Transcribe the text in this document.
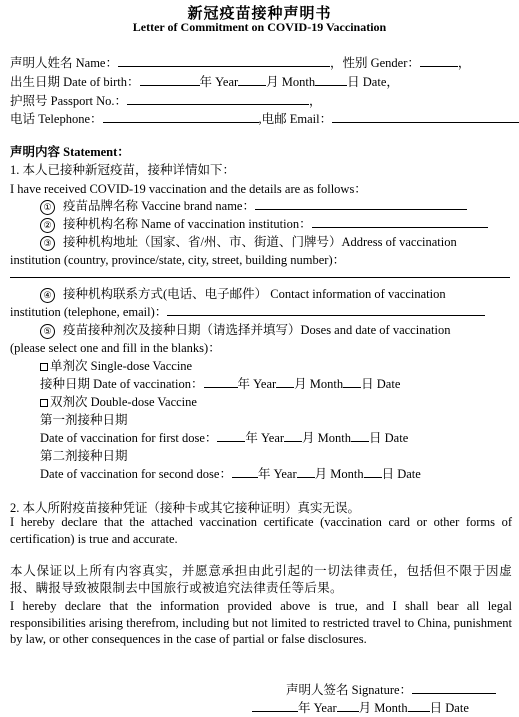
新冠疫苗接种声明书
Letter of Commitment on COVID-19 Vaccination
声明人姓名 Name：	，性别 Gender：	，
出生日期 Date of birth：	年 Year 月 Month	日 Date，
护照号 Passport No.：	，
电话 Telephone：	,电邮 Email：
声明内容 Statement：
1. 本人已接种新冠疫苗，接种详情如下：
I have received COVID-19 vaccination and the details are as follows：
① 疫苗品牌名称 Vaccine brand name：
② 接种机构名称 Name of vaccination institution：
③ 接种机构地址（国家、省/州、市、街道、门牌号）Address of vaccination
institution (country, province/state, city, street, building number)：
④ 接种机构联系方式(电话、电子邮件） Contact information of vaccination
institution (telephone, email)：
⑤ 疫苗接种剂次及接种日期（请选择并填写）Doses and date of vaccination
(please select one and fill in the blanks)：
单剂次 Single-dose Vaccine
接种日期 Date of vaccination：	年 Year 月 Month 日 Date
双剂次 Double-dose Vaccine
第一剂接种日期
Date of vaccination for first dose： 年 Year 月 Month 日 Date
第二剂接种日期
Date of vaccination for second dose： 年 Year 月 Month 日 Date
2. 本人所附疫苗接种凭证（接种卡或其它接种证明）真实无误。
I hereby declare that the attached vaccination certificate (vaccination card or other forms of certification) is true and accurate.
本人保证以上所有内容真实，并愿意承担由此引起的一切法律责任，包括但不限于因虚报、瞒报导致被限制去中国旅行或被追究法律责任等后果。
I hereby declare that the information provided above is true, and I shall bear all legal responsibilities arising therefrom, including but not limited to restricted travel to China, punishment by law, or other consequences in the case of partial or false disclosures.
声明人签名 Signature：
年 Year 月 Month 日 Date
